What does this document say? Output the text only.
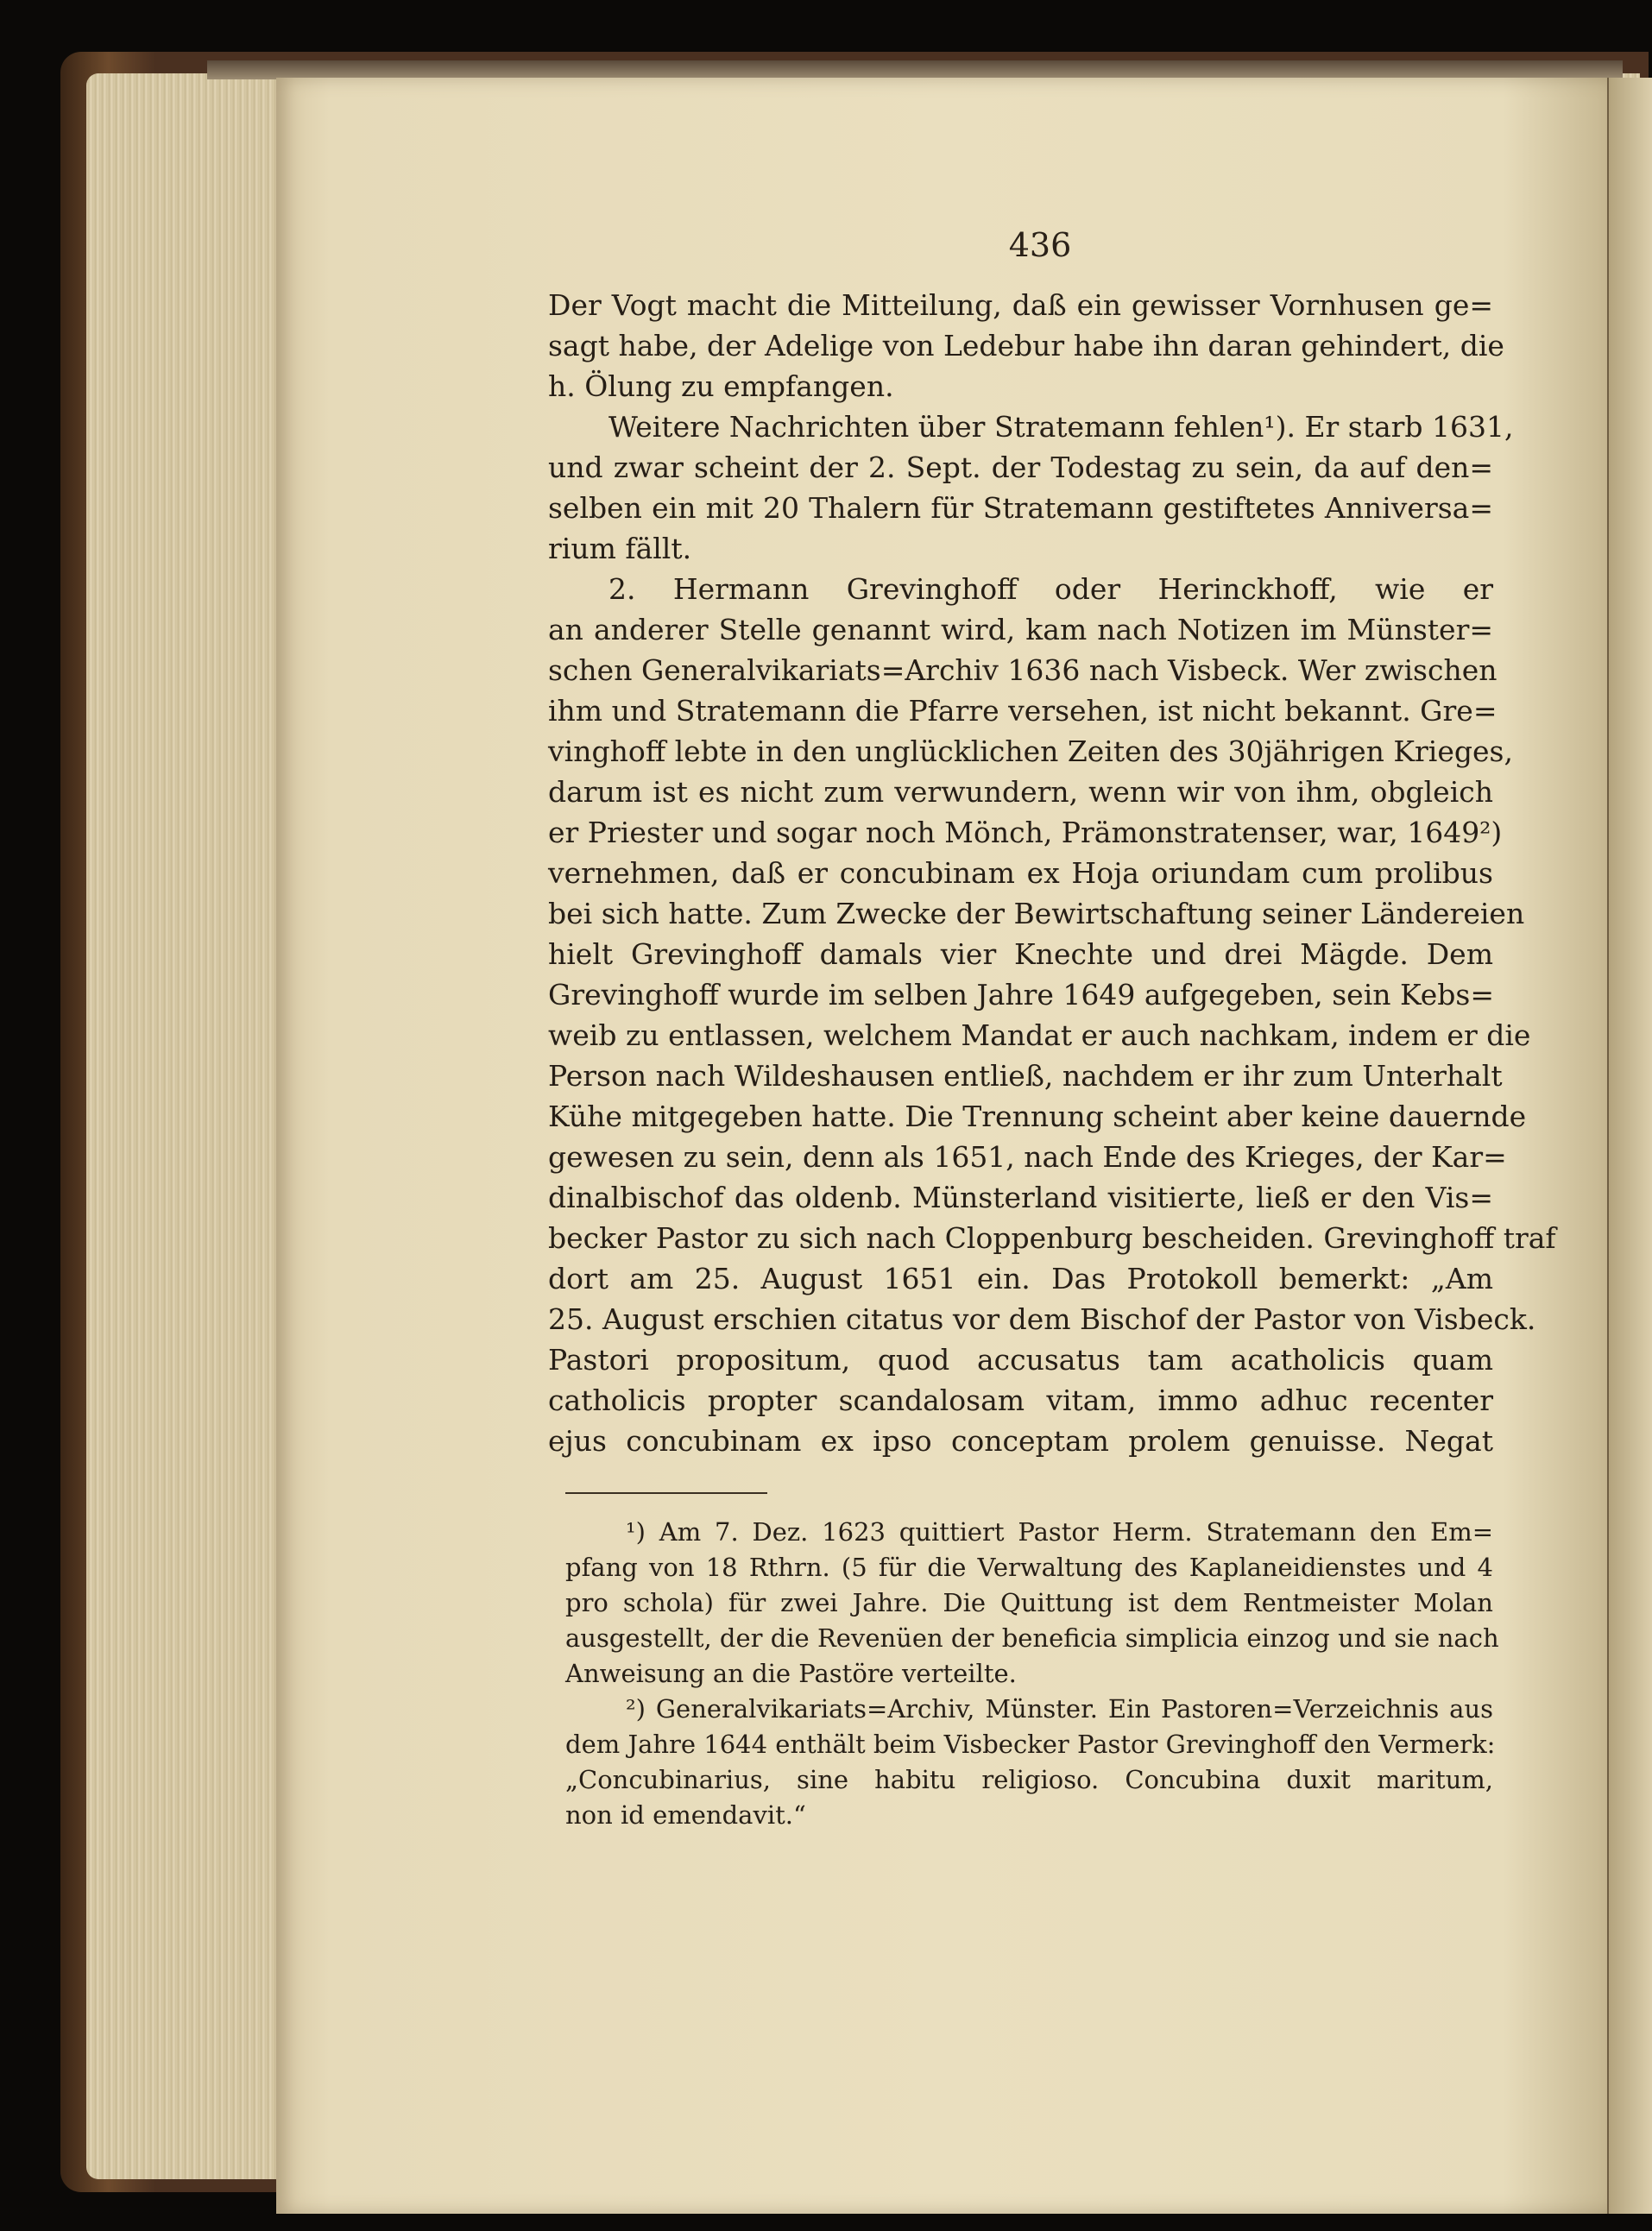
436

Der Vogt macht die Mitteilung, daß ein gewisser Vornhusen ge=
sagt habe, der Adelige von Ledebur habe ihn daran gehindert, die
h. Ölung zu empfangen.
Weitere Nachrichten über Stratemann fehlen¹). Er starb 1631,
und zwar scheint der 2. Sept. der Todestag zu sein, da auf den=
selben ein mit 20 Thalern für Stratemann gestiftetes Anniversa=
rium fällt.
2. Hermann Grevinghoff oder Herinckhoff, wie er
an anderer Stelle genannt wird, kam nach Notizen im Münster=
schen Generalvikariats=Archiv 1636 nach Visbeck. Wer zwischen
ihm und Stratemann die Pfarre versehen, ist nicht bekannt. Gre=
vinghoff lebte in den unglücklichen Zeiten des 30jährigen Krieges,
darum ist es nicht zum verwundern, wenn wir von ihm, obgleich
er Priester und sogar noch Mönch, Prämonstratenser, war, 1649²)
vernehmen, daß er concubinam ex Hoja oriundam cum prolibus
bei sich hatte. Zum Zwecke der Bewirtschaftung seiner Ländereien
hielt Grevinghoff damals vier Knechte und drei Mägde. Dem
Grevinghoff wurde im selben Jahre 1649 aufgegeben, sein Kebs=
weib zu entlassen, welchem Mandat er auch nachkam, indem er die
Person nach Wildeshausen entließ, nachdem er ihr zum Unterhalt
Kühe mitgegeben hatte. Die Trennung scheint aber keine dauernde
gewesen zu sein, denn als 1651, nach Ende des Krieges, der Kar=
dinalbischof das oldenb. Münsterland visitierte, ließ er den Vis=
becker Pastor zu sich nach Cloppenburg bescheiden. Grevinghoff traf
dort am 25. August 1651 ein. Das Protokoll bemerkt: „Am
25. August erschien citatus vor dem Bischof der Pastor von Visbeck.
Pastori propositum, quod accusatus tam acatholicis quam
catholicis propter scandalosam vitam, immo adhuc recenter
ejus concubinam ex ipso conceptam prolem genuisse. Negat
¹) Am 7. Dez. 1623 quittiert Pastor Herm. Stratemann den Em=
pfang von 18 Rthrn. (5 für die Verwaltung des Kaplaneidienstes und 4
pro schola) für zwei Jahre. Die Quittung ist dem Rentmeister Molan
ausgestellt, der die Revenüen der beneficia simplicia einzog und sie nach
Anweisung an die Pastöre verteilte.
²) Generalvikariats=Archiv, Münster. Ein Pastoren=Verzeichnis aus
dem Jahre 1644 enthält beim Visbecker Pastor Grevinghoff den Vermerk:
„Concubinarius, sine habitu religioso. Concubina duxit maritum,
non id emendavit.“
